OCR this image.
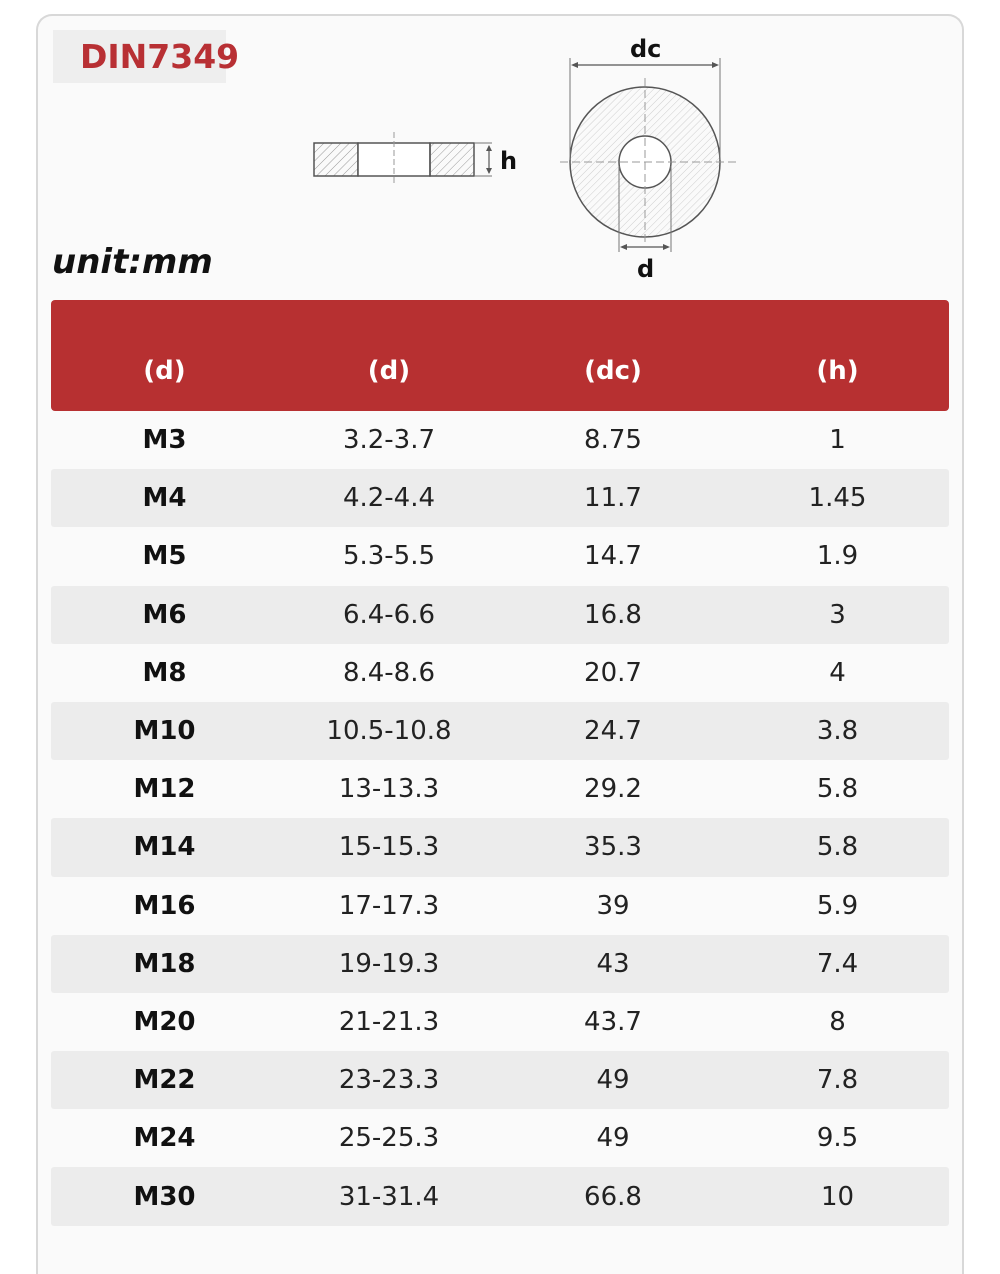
DIN7349
h
dc
d
unit:mm
(d)	(d)	(dc)	(h)
M3	3.2-3.7	8.75	1
M4	4.2-4.4	11.7	1.45
M5	5.3-5.5	14.7	1.9
M6	6.4-6.6	16.8	3
M8	8.4-8.6	20.7	4
M10	10.5-10.8	24.7	3.8
M12	13-13.3	29.2	5.8
M14	15-15.3	35.3	5.8
M16	17-17.3	39	5.9
M18	19-19.3	43	7.4
M20	21-21.3	43.7	8
M22	23-23.3	49	7.8
M24	25-25.3	49	9.5
M30	31-31.4	66.8	10
